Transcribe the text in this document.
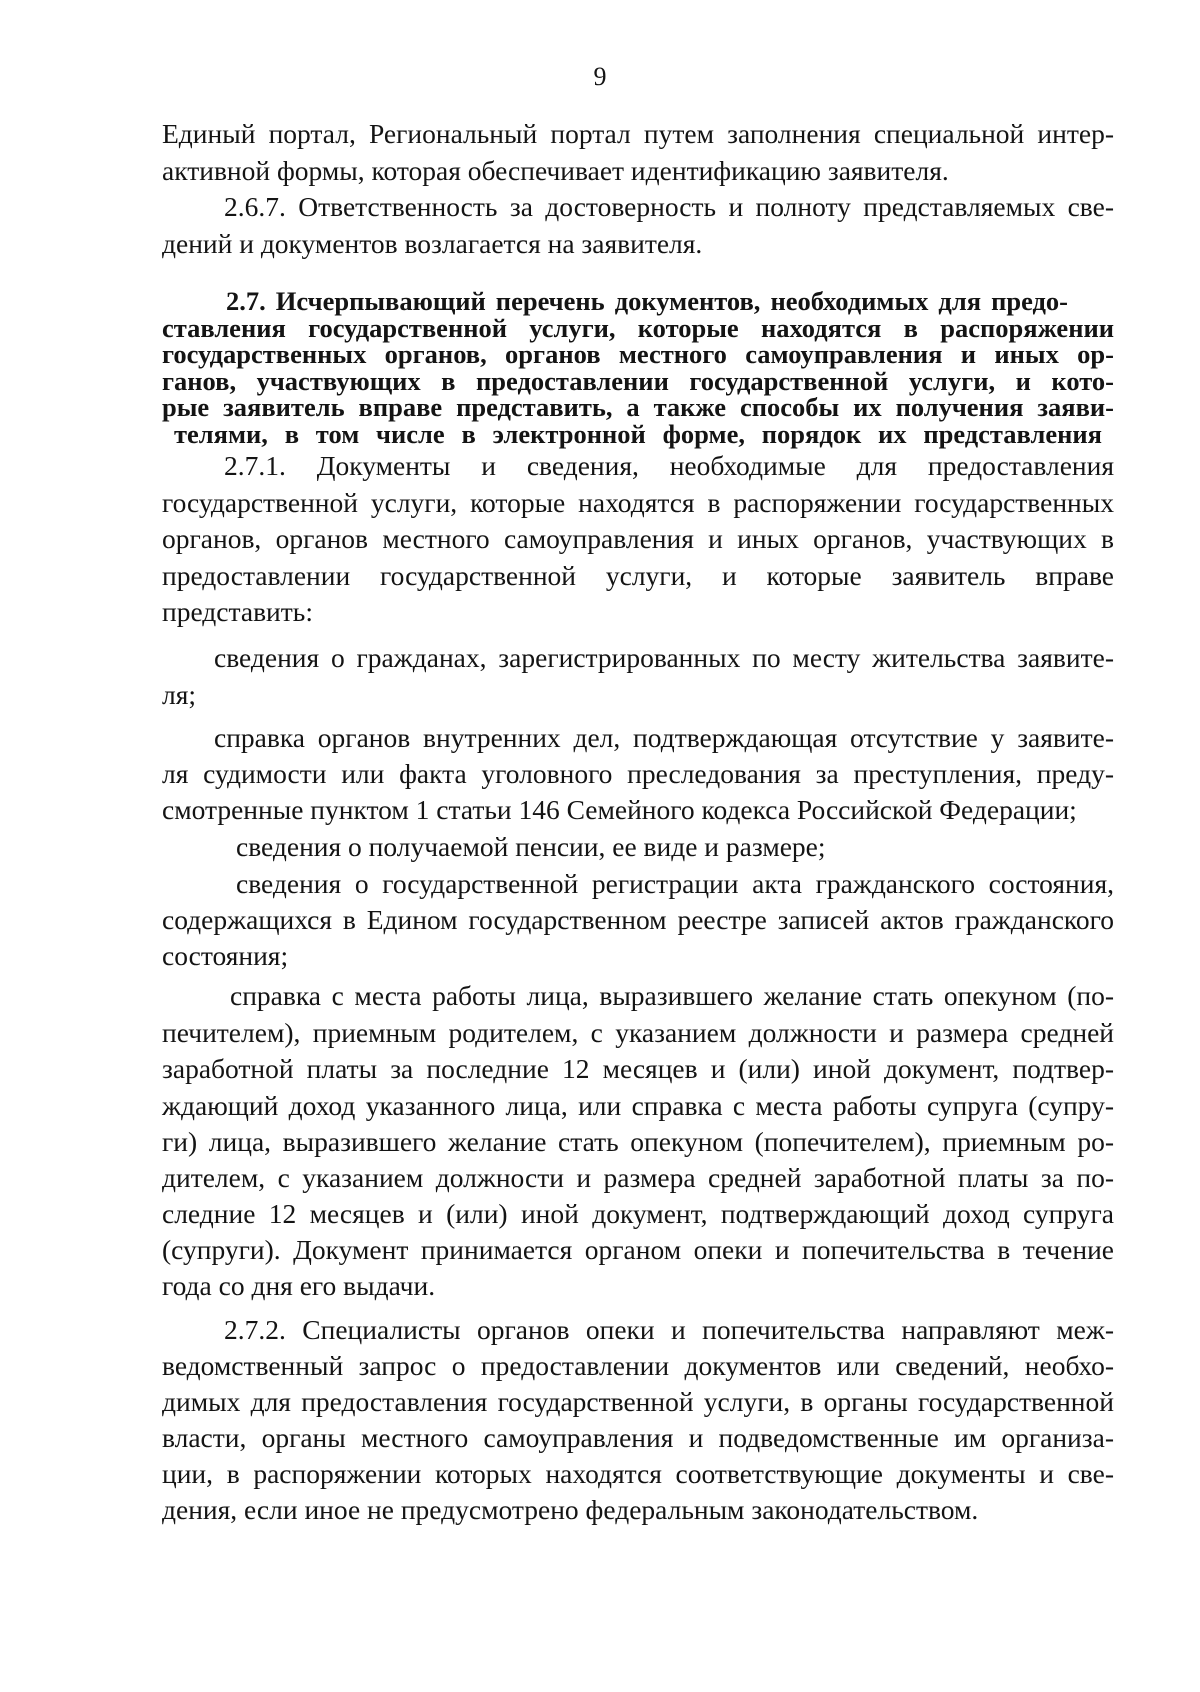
9
Единый портал, Региональный портал путем заполнения специальной интер-
активной формы, которая обеспечивает идентификацию заявителя.
2.6.7. Ответственность за достоверность и полноту представляемых све-
дений и документов возлагается на заявителя.
2.7. Исчерпывающий перечень документов, необходимых для предо-
ставления государственной услуги, которые находятся в распоряжении
государственных органов, органов местного самоуправления и иных ор-
ганов, участвующих в предоставлении государственной услуги, и кото-
рые заявитель вправе представить, а также способы их получения заяви-
телями, в том числе в электронной форме, порядок их представления
2.7.1. Документы и сведения, необходимые для предоставления
государственной услуги, которые находятся в распоряжении государственных
органов, органов местного самоуправления и иных органов, участвующих в
предоставлении государственной услуги, и которые заявитель вправе
представить:
сведения о гражданах, зарегистрированных по месту жительства заявите-
ля;
справка органов внутренних дел, подтверждающая отсутствие у заявите-
ля судимости или факта уголовного преследования за преступления, преду-
смотренные пунктом 1 статьи 146 Семейного кодекса Российской Федерации;
сведения о получаемой пенсии, ее виде и размере;
сведения о государственной регистрации акта гражданского состояния,
содержащихся в Едином государственном реестре записей актов гражданского
состояния;
справка с места работы лица, выразившего желание стать опекуном (по-
печителем), приемным родителем, с указанием должности и размера средней
заработной платы за последние 12 месяцев и (или) иной документ, подтвер-
ждающий доход указанного лица, или справка с места работы супруга (супру-
ги) лица, выразившего желание стать опекуном (попечителем), приемным ро-
дителем, с указанием должности и размера средней заработной платы за по-
следние 12 месяцев и (или) иной документ, подтверждающий доход супруга
(супруги). Документ принимается органом опеки и попечительства в течение
года со дня его выдачи.
2.7.2. Специалисты органов опеки и попечительства направляют меж-
ведомственный запрос о предоставлении документов или сведений, необхо-
димых для предоставления государственной услуги, в органы государственной
власти, органы местного самоуправления и подведомственные им организа-
ции, в распоряжении которых находятся соответствующие документы и све-
дения, если иное не предусмотрено федеральным законодательством.
